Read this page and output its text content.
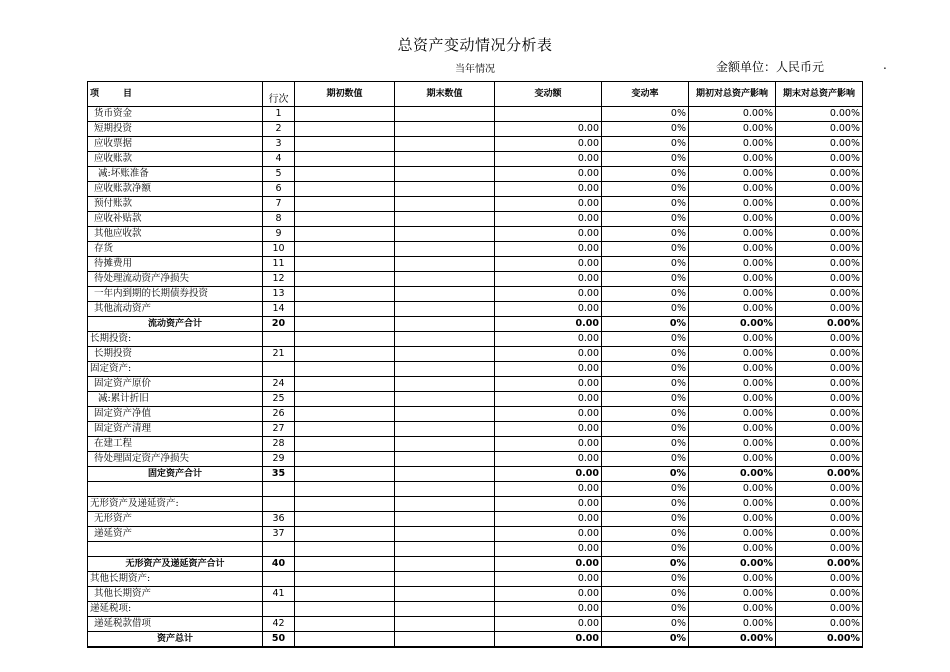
总资产变动情况分析表
当年情况	金额单位：人民币元	.
项　　目	行次	期初数值	期末数值	变动额	变动率	期初对总资产影响	期末对总资产影响
货币资金	1				0%	0.00%	0.00%
短期投资	2			0.00	0%	0.00%	0.00%
应收票据	3			0.00	0%	0.00%	0.00%
应收账款	4			0.00	0%	0.00%	0.00%
减:坏账准备	5			0.00	0%	0.00%	0.00%
应收账款净额	6			0.00	0%	0.00%	0.00%
预付账款	7			0.00	0%	0.00%	0.00%
应收补贴款	8			0.00	0%	0.00%	0.00%
其他应收款	9			0.00	0%	0.00%	0.00%
存货	10			0.00	0%	0.00%	0.00%
待摊费用	11			0.00	0%	0.00%	0.00%
待处理流动资产净损失	12			0.00	0%	0.00%	0.00%
一年内到期的长期债券投资	13			0.00	0%	0.00%	0.00%
其他流动资产	14			0.00	0%	0.00%	0.00%
流动资产合计	20			0.00	0%	0.00%	0.00%
长期投资:				0.00	0%	0.00%	0.00%
长期投资	21			0.00	0%	0.00%	0.00%
固定资产:				0.00	0%	0.00%	0.00%
固定资产原价	24			0.00	0%	0.00%	0.00%
减:累计折旧	25			0.00	0%	0.00%	0.00%
固定资产净值	26			0.00	0%	0.00%	0.00%
固定资产清理	27			0.00	0%	0.00%	0.00%
在建工程	28			0.00	0%	0.00%	0.00%
待处理固定资产净损失	29			0.00	0%	0.00%	0.00%
固定资产合计	35			0.00	0%	0.00%	0.00%
				0.00	0%	0.00%	0.00%
无形资产及递延资产:				0.00	0%	0.00%	0.00%
无形资产	36			0.00	0%	0.00%	0.00%
递延资产	37			0.00	0%	0.00%	0.00%
				0.00	0%	0.00%	0.00%
无形资产及递延资产合计	40			0.00	0%	0.00%	0.00%
其他长期资产:				0.00	0%	0.00%	0.00%
其他长期资产	41			0.00	0%	0.00%	0.00%
递延税项:				0.00	0%	0.00%	0.00%
递延税款借项	42			0.00	0%	0.00%	0.00%
资产总计	50			0.00	0%	0.00%	0.00%
